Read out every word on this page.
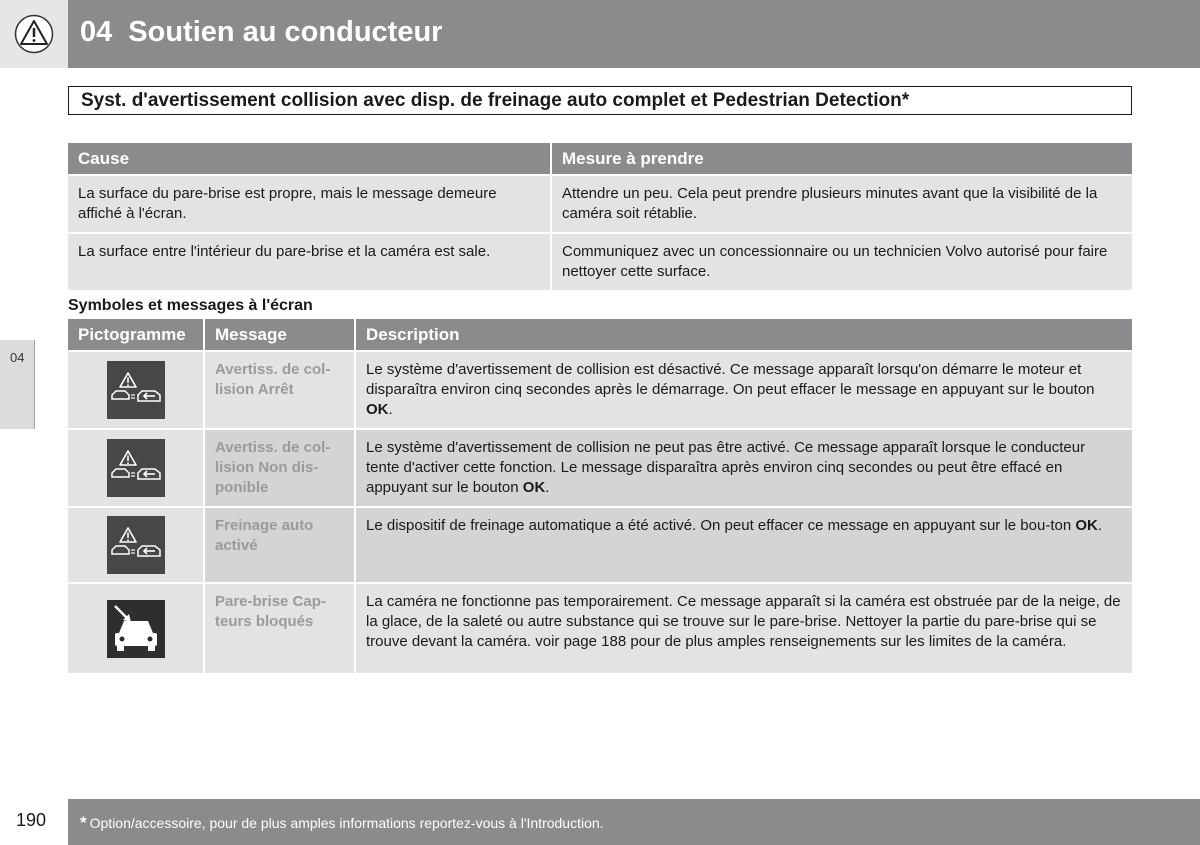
04 Soutien au conducteur
04
Syst. d'avertissement collision avec disp. de freinage auto complet et Pedestrian Detection*
Cause	Mesure à prendre
La surface du pare-brise est propre, mais le message demeure affiché à l'écran.	Attendre un peu. Cela peut prendre plusieurs minutes avant que la visibilité de la caméra soit rétablie.
La surface entre l'intérieur du pare-brise et la caméra est sale.	Communiquez avec un concessionnaire ou un technicien Volvo autorisé pour faire nettoyer cette surface.
Symboles et messages à l'écran
Pictogramme	Message	Description

	Avertiss. de col-lision Arrêt	Le système d'avertissement de collision est désactivé. Ce message apparaît lorsqu'on démarre le moteur et disparaîtra environ cinq secondes après le démarrage. On peut effacer le message en appuyant sur le bouton OK.

	Avertiss. de col-lision Non dis-ponible	Le système d'avertissement de collision ne peut pas être activé. Ce message apparaît lorsque le conducteur tente d'activer cette fonction. Le message disparaîtra après environ cinq secondes ou peut être effacé en appuyant sur le bouton OK.

	Freinage auto activé	Le dispositif de freinage automatique a été activé. On peut effacer ce message en appuyant sur le bou-ton OK.

	Pare-brise Cap-teurs bloqués	La caméra ne fonctionne pas temporairement. Ce message apparaît si la caméra est obstruée par de la neige, de la glace, de la saleté ou autre substance qui se trouve sur le pare-brise. Nettoyer la partie du pare-brise qui se trouve devant la caméra. voir page 188 pour de plus amples renseignements sur les limites de la caméra.
* Option/accessoire, pour de plus amples informations reportez-vous à l'Introduction.
190
